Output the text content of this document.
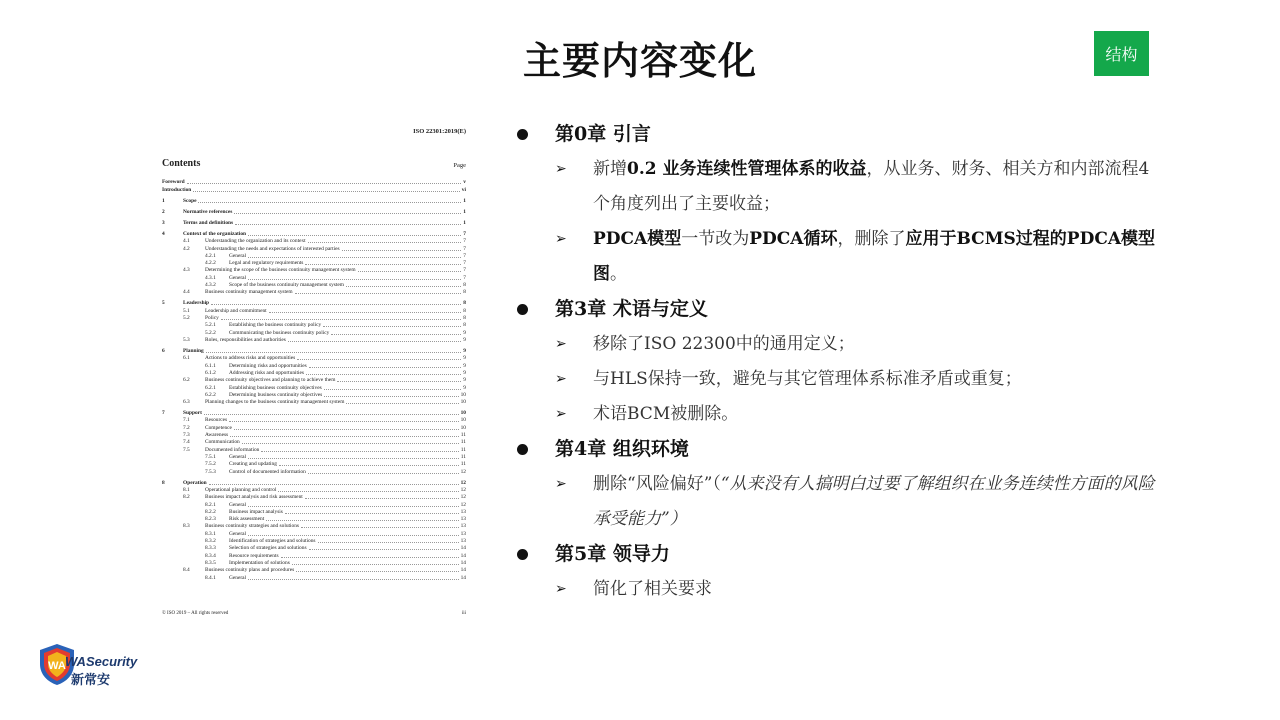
主要内容变化	结构
ISO 22301:2019(E)
Contents	Page
Foreword	v
Introduction	vi
1	Scope	1
2	Normative references	1
3	Terms and definitions	1
4	Context of the organization	7
4.1	Understanding the organization and its context	7
4.2	Understanding the needs and expectations of interested parties	7
4.2.1	General	7
4.2.2	Legal and regulatory requirements	7
4.3	Determining the scope of the business continuity management system	7
4.3.1	General	7
4.3.2	Scope of the business continuity management system	8
4.4	Business continuity management system	8
5	Leadership	8
5.1	Leadership and commitment	8
5.2	Policy	8
5.2.1	Establishing the business continuity policy	8
5.2.2	Communicating the business continuity policy	9
5.3	Roles, responsibilities and authorities	9
6	Planning	9
6.1	Actions to address risks and opportunities	9
6.1.1	Determining risks and opportunities	9
6.1.2	Addressing risks and opportunities	9
6.2	Business continuity objectives and planning to achieve them	9
6.2.1	Establishing business continuity objectives	9
6.2.2	Determining business continuity objectives	10
6.3	Planning changes to the business continuity management system	10
7	Support	10
7.1	Resources	10
7.2	Competence	10
7.3	Awareness	11
7.4	Communication	11
7.5	Documented information	11
7.5.1	General	11
7.5.2	Creating and updating	11
7.5.3	Control of documented information	12
8	Operation	12
8.1	Operational planning and control	12
8.2	Business impact analysis and risk assessment	12
8.2.1	General	12
8.2.2	Business impact analysis	13
8.2.3	Risk assessment	13
8.3	Business continuity strategies and solutions	13
8.3.1	General	13
8.3.2	Identification of strategies and solutions	13
8.3.3	Selection of strategies and solutions	14
8.3.4	Resource requirements	14
8.3.5	Implementation of solutions	14
8.4	Business continuity plans and procedures	14
8.4.1	General	14
© ISO 2019 – All rights reserved	iii
第0章 引言
➢ 新增0.2 业务连续性管理体系的收益，从业务、财务、相关方和内部流程4个角度列出了主要收益；
➢ PDCA模型一节改为PDCA循环，删除了应用于BCMS过程的PDCA模型图。
第3章 术语与定义
➢ 移除了ISO 22300中的通用定义；
➢ 与HLS保持一致，避免与其它管理体系标准矛盾或重复；
➢ 术语BCM被删除。
第4章 组织环境
➢ 删除“风险偏好”（“从来没有人搞明白过要了解组织在业务连续性方面的风险承受能力”）
第5章 领导力
➢ 简化了相关要求
WA WASecurity
新常安
